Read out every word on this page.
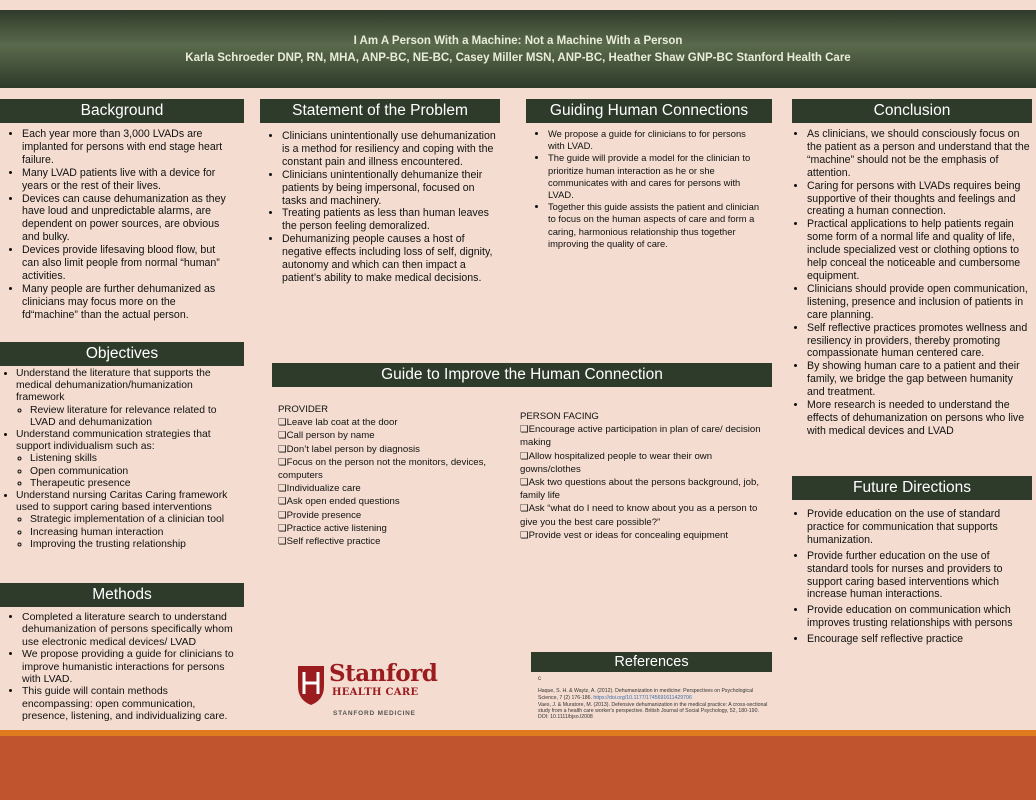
I Am A Person With a Machine: Not a Machine With a Person
Karla Schroeder DNP, RN, MHA, ANP-BC, NE-BC, Casey Miller MSN, ANP-BC, Heather Shaw GNP-BC Stanford Health Care
Background
• Each year more than 3,000 LVADs are implanted for persons with end stage heart failure.
• Many LVAD patients live with a device for years or the rest of their lives.
• Devices can cause dehumanization as they have loud and unpredictable alarms, are dependent on power sources, are obvious and bulky.
• Devices provide lifesaving blood flow, but can also limit people from normal “human” activities.
• Many people are further dehumanized as clinicians may focus more on the fd“machine” than the actual person.
Objectives
• Understand the literature that supports the medical dehumanization/humanization framework
◦ Review literature for relevance related to LVAD and dehumanization
• Understand communication strategies that support individualism such as:
◦ Listening skills
◦ Open communication
◦ Therapeutic presence
• Understand nursing Caritas Caring framework used to support caring based interventions
◦ Strategic implementation of a clinician tool
◦ Increasing human interaction
◦ Improving the trusting relationship
Methods
• Completed a literature search to understand dehumanization of persons specifically whom use electronic medical devices/ LVAD
• We propose providing a guide for clinicians to improve humanistic interactions for persons with LVAD.
• This guide will contain methods encompassing: open communication, presence, listening, and individualizing care.
Statement of the Problem
• Clinicians unintentionally use dehumanization is a method for resiliency and coping with the constant pain and illness encountered.
• Clinicians unintentionally dehumanize their patients by being impersonal, focused on tasks and machinery.
• Treating patients as less than human leaves the person feeling demoralized.
• Dehumanizing people causes a host of negative effects including loss of self, dignity, autonomy and which can then impact a patient’s ability to make medical decisions.
Guiding Human Connections
• We propose a guide for clinicians to for persons with LVAD.
• The guide will provide a model for the clinician to prioritize human interaction as he or she communicates with and cares for persons with LVAD.
• Together this guide assists the patient and clinician to focus on the human aspects of care and form a caring, harmonious relationship thus together improving the quality of care.
Guide to Improve the Human Connection
PROVIDER
❏Leave lab coat at the door
❏Call person by name
❏Don’t label person by diagnosis
❏Focus on the person not the monitors, devices, computers
❏Individualize care
❏Ask open ended questions
❏Provide presence
❏Practice active listening
❏Self reflective practice
PERSON FACING
❏Encourage active participation in plan of care/ decision making
❏Allow hospitalized people to wear their own gowns/clothes
❏Ask two questions about the persons background, job, family life
❏Ask “what do I need to know about you as a person to give you the best care possible?”
❏Provide vest or ideas for concealing equipment
Stanford
HEALTH CARE
STANFORD MEDICINE
References
c
Haque, S. H. & Waytz, A. (2012). Dehumanization in medicine: Perspectives on Psychological Science, 7 (2) 176-186. https://doi.org/10.1177/1745691611429706
Vaes, J. & Muratore, M. (2013). Defensive dehumanization in the medical practice: A cross-sectional study from a health care worker's perspective. British Journal of Social Psychology, 52, 180-190. DOI: 10.1111/bjso.l2008
Conclusion
• As clinicians, we should consciously focus on the patient as a person and understand that the “machine” should not be the emphasis of attention.
• Caring for persons with LVADs requires being supportive of their thoughts and feelings and creating a human connection.
• Practical applications to help patients regain some form of a normal life and quality of life, include specialized vest or clothing options to help conceal the noticeable and cumbersome equipment.
• Clinicians should provide open communication, listening, presence and inclusion of patients in care planning.
• Self reflective practices promotes wellness and resiliency in providers, thereby promoting compassionate human centered care.
• By showing human care to a patient and their family, we bridge the gap between humanity and treatment.
• More research is needed to understand the effects of dehumanization on persons who live with medical devices and LVAD
Future Directions
• Provide education on the use of standard practice for communication that supports humanization.
• Provide further education on the use of standard tools for nurses and providers to support caring based interventions which increase human interactions.
• Provide education on communication which improves trusting relationships with persons
• Encourage self reflective practice
